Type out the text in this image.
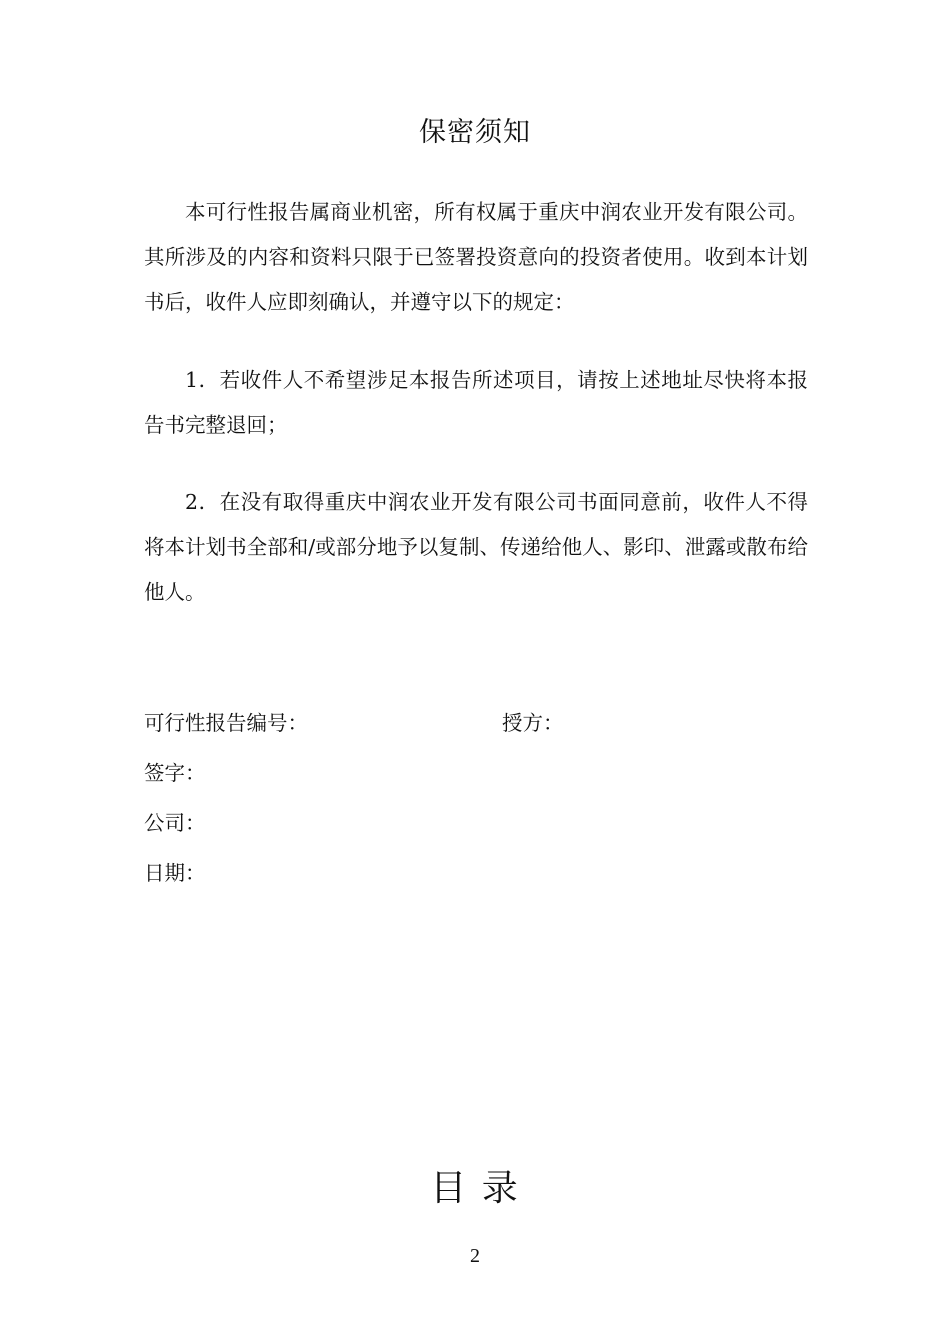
保密须知

本可行性报告属商业机密，所有权属于重庆中润农业开发有限公司。其所涉及的内容和资料只限于已签署投资意向的投资者使用。收到本计划书后，收件人应即刻确认，并遵守以下的规定：

1．若收件人不希望涉足本报告所述项目，请按上述地址尽快将本报告书完整退回；

2．在没有取得重庆中润农业开发有限公司书面同意前，收件人不得将本计划书全部和/或部分地予以复制、传递给他人、影印、泄露或散布给他人。

可行性报告编号：	授方：
签字：
公司：
日期：
目 录
2
